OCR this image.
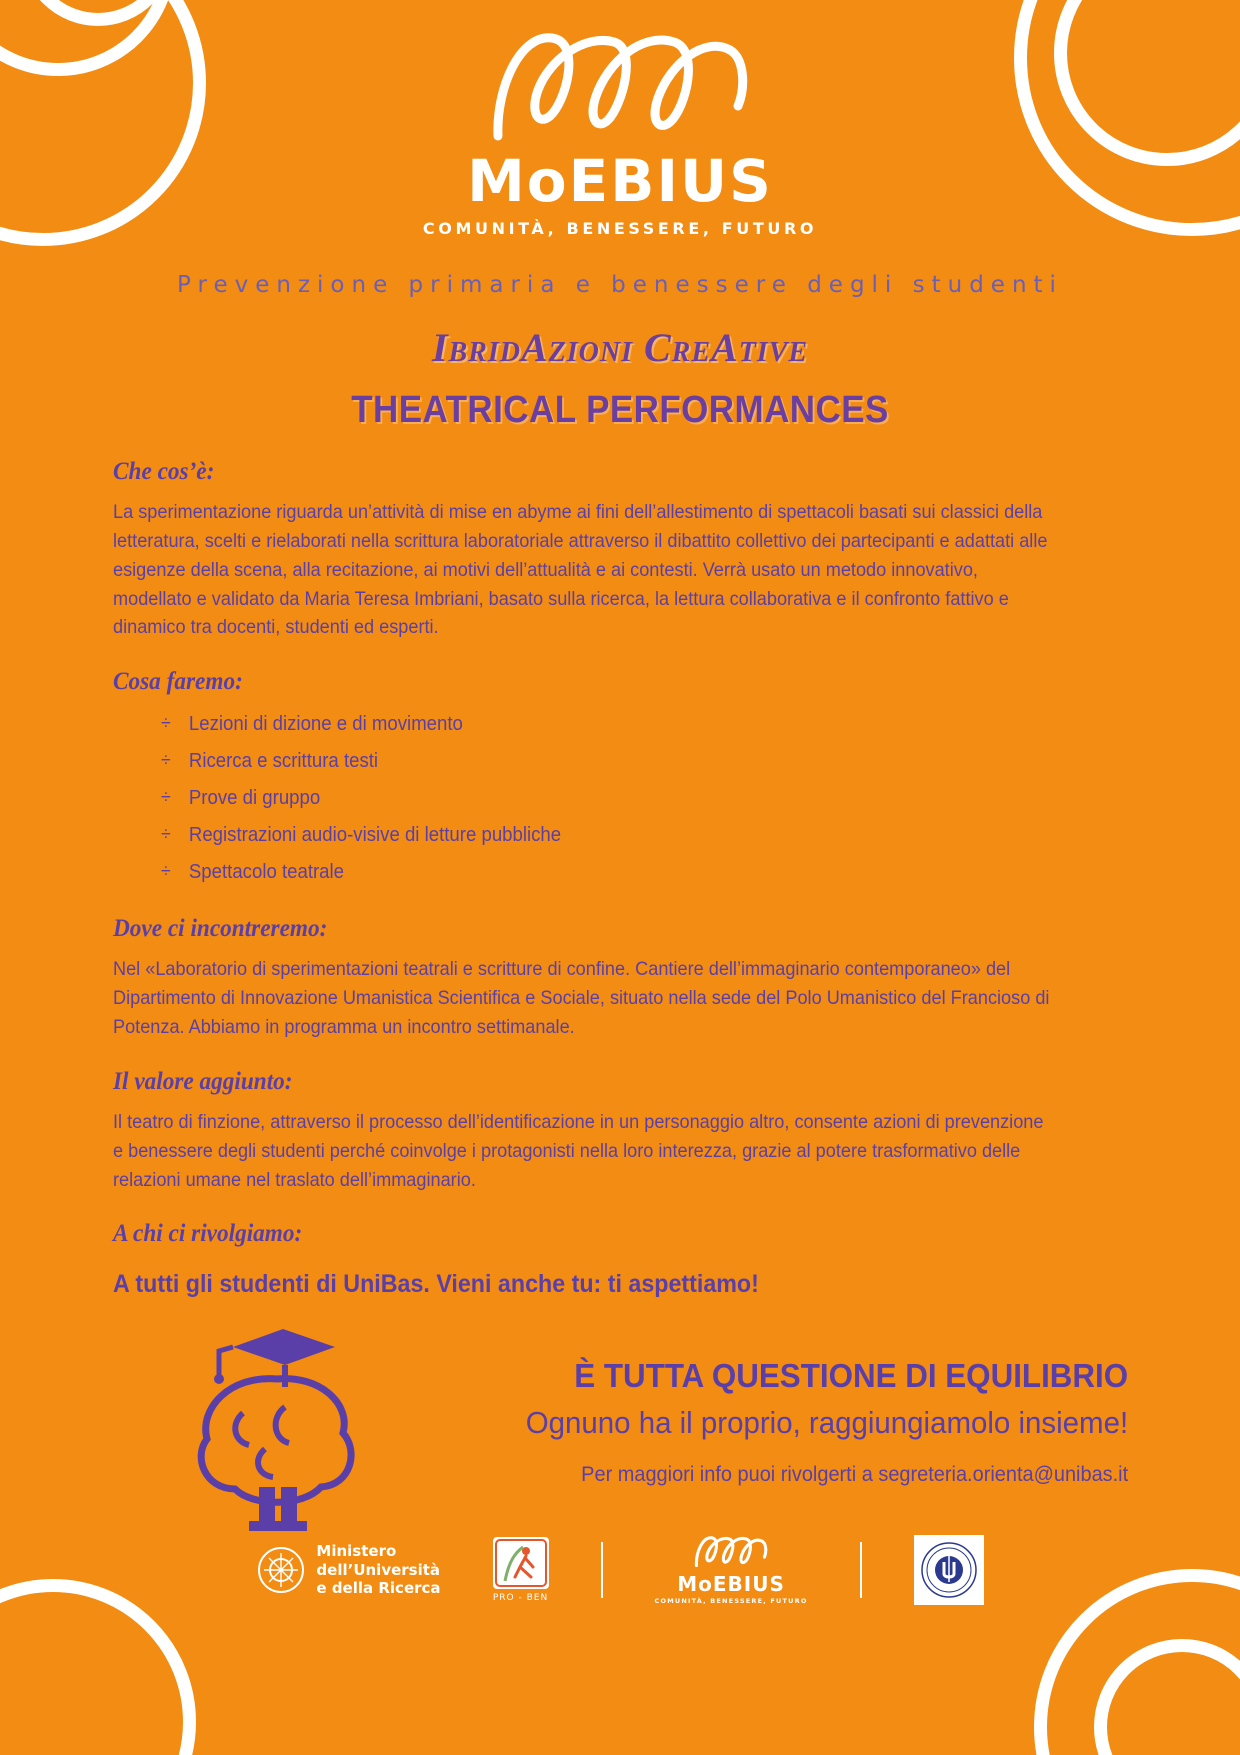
MoEBIUS
COMUNITÀ, BENESSERE, FUTURO
Prevenzione primaria e benessere degli studenti
IbridAzioni CreAtive
THEATRICAL PERFORMANCES
Che cos’è:

La sperimentazione riguarda un’attività di mise en abyme ai fini dell’allestimento di spettacoli basati sui classici della letteratura, scelti e rielaborati nella scrittura laboratoriale attraverso il dibattito collettivo dei partecipanti e adattati alle esigenze della scena, alla recitazione, ai motivi dell’attualità e ai contesti. Verrà usato un metodo innovativo, modellato e validato da Maria Teresa Imbriani, basato sulla ricerca, la lettura collaborativa e il confronto fattivo e dinamico tra docenti, studenti ed esperti.

Cosa faremo:
÷ Lezioni di dizione e di movimento
÷ Ricerca e scrittura testi
÷ Prove di gruppo
÷ Registrazioni audio-visive di letture pubbliche
÷ Spettacolo teatrale
Dove ci incontreremo:

Nel «Laboratorio di sperimentazioni teatrali e scritture di confine. Cantiere dell’immaginario contemporaneo» del Dipartimento di Innovazione Umanistica Scientifica e Sociale, situato nella sede del Polo Umanistico del Francioso di Potenza. Abbiamo in programma un incontro settimanale.

Il valore aggiunto:

Il teatro di finzione, attraverso il processo dell’identificazione in un personaggio altro, consente azioni di prevenzione e benessere degli studenti perché coinvolge i protagonisti nella loro interezza, grazie al potere trasformativo delle relazioni umane nel traslato dell’immaginario.

A chi ci rivolgiamo:

A tutti gli studenti di UniBas. Vieni anche tu: ti aspettiamo!

È TUTTA QUESTIONE DI EQUILIBRIO
Ognuno ha il proprio, raggiungiamolo insieme!
Per maggiori info puoi rivolgerti a segreteria.orienta@unibas.it
Ministero
dell’Università
e della Ricerca
PRO - BEN
MoEBIUS
COMUNITÀ, BENESSERE, FUTURO
